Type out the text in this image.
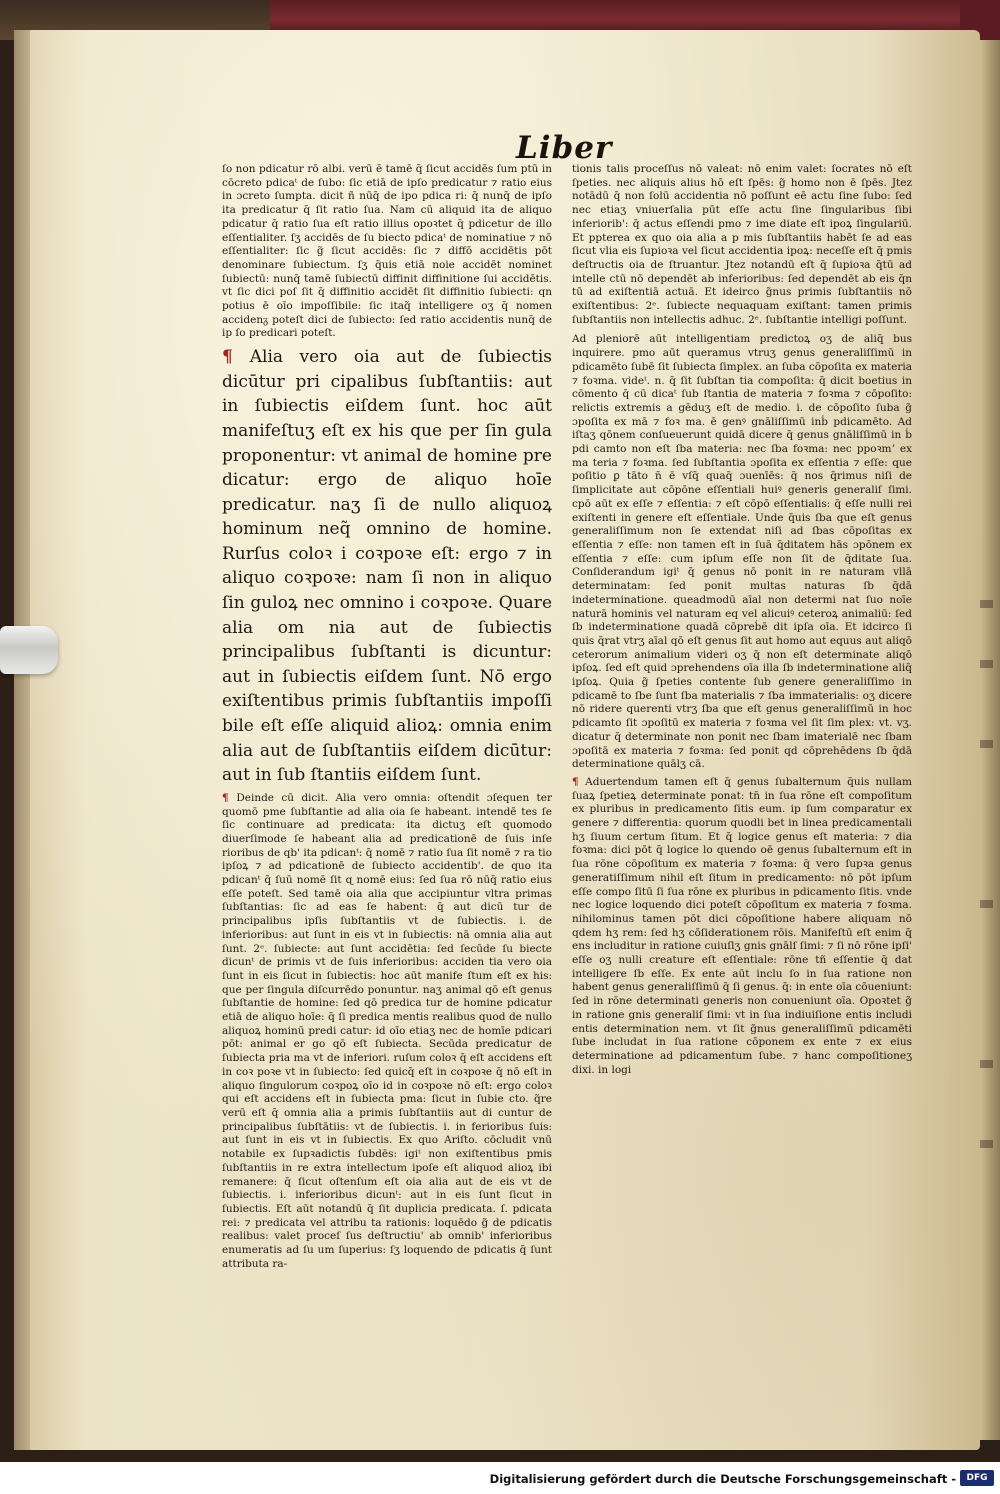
Liber

ſo non pdicatur rō albi. verū ē tamē q̄ ſicut accidēs ſum ptū in cōcreto pdicaᵗ de ſubo: ſic etiā de ipſo predicatur ⁊ ratio eius in ɔcreto ſumpta. dicit ñ nūq̄ de ipo pdica ri: q̄ nunq̄ de ipſo ita predicatur q̄ ſit ratio ſua. Nam cū aliquid ita de aliquo pdicatur q̄ ratio ſua eſt ratio illius opoꝛtet q̄ pdicetur de illo eſſentialiter. ſʒ accidēs de ſu biecto pdicaᵗ de nominatiue ⁊ nō eſſentialiter: ſic g̃ ſicut accidēs: ſic ⁊ diffō accidētis pōt denominare ſubiectum. ſʒ q̄uis etiā noie accidēt nominet ſubiectū: nunq̄ tamē ſubiectū diffinit diffinitione ſui accidētis. vt ſic dici poſ ſit q̄ diffinitio accidēt ſit diffinitio ſubiecti: qn potius ē oīo impoſſibile: ſic itaq̃ intelligere oʒ q̄ nomen accidenᵹ poteſt dici de ſubiecto: ſed ratio accidentis nunq̄ de ip ſo predicari poteſt.

¶ Alia vero oia aut de ſubiectis dicūtur pri cipalibus ſubſtantiis: aut in ſubiectis eiſdem ſunt. hoc aūt manifeſtuʒ eſt ex his que per ſin gula proponentur: vt animal de homine pre dicatur: ergo de aliquo hoīe predicatur. naʒ ſi de nullo aliquoꝝ hominum neq̃ omnino de homine. Rurſus coloꝛ i coꝛpoꝛe eſt: ergo ⁊ in aliquo coꝛpoꝛe: nam ſi non in aliquo ſin guloꝝ nec omnino i coꝛpoꝛe. Quare alia om nia aut de ſubiectis principalibus ſubſtanti is dicuntur: aut in ſubiectis eiſdem ſunt. Nō ergo exiſtentibus primis ſubſtantiis impoſſi bile eſt eſſe aliquid alioꝝ: omnia enim alia aut de ſubſtantiis eiſdem dicūtur: aut in ſub ſtantiis eiſdem ſunt.

¶ Deinde cū dicit. Alia vero omnia: oſtendit ɔſequen ter quomō pme ſubſtantie ad alia oia ſe habeant. intendē tes ſe ſic continuare ad predicata: ita dictuʒ eſt quomodo diuerſimode ſe habeant alia ad predicationē de ſuis inſe rioribus de qb' ita pdicanᵗ: q̄ nomē ⁊ ratio ſua ſit nomē ⁊ ra tio ipſoꝝ ⁊ ad pdicationē de ſubiecto accidentib'. de quo ita pdicanᵗ q̄ ſuū nomē ſit ɋ nomē eius: ſed ſua rō nūq̄ ratio eius eſſe poteſt. Sed tamē oia alia que accipiuntur vltra primas ſubſtantias: ſic ad eas ſe habent: q̄ aut dicū tur de principalibus ipſis ſubſtantiis vt de ſubiectis. i. de inferioribus: aut ſunt in eis vt in ſubiectis: nā omnia alia aut ſunt. 2ᵉ. ſubiecte: aut ſunt accidētia: ſed ſecūde ſu biecte dicunᵗ de primis vt de ſuis inferioribus: acciden tia vero oia ſunt in eis ſicut in ſubiectis: hoc aūt manife ſtum eſt ex his: que per ſingula diſcurrēdo ponuntur. naʒ animal qō eſt genus ſubſtantie de homine: ſed qō predica tur de homine pdicatur etiā de aliquo hoīe: q̄ ſi predica mentis realibus quod de nullo aliquoꝝ hominū predi catur: id oīo etiaʒ nec de homīe pdicari pōt: animal er go qō eſt ſubiecta. Secūda predicatur de ſubiecta pria ma vt de inferiori. ruſum coloꝛ q̄ eſt accidens eſt in coꝛ poꝛe vt in ſubiecto: ſed quicq̄ eſt in coꝛpoꝛe q̄ nō eſt in aliquo ſingulorum coꝛpoꝝ oīo id in coꝛpoꝛe nō eſt: ergo coloꝛ qui eſt accidens eſt in ſubiecta pma: ſicut in ſubie cto. q̃re verū eſt q̄ omnia alia a primis ſubſtantiis aut di cuntur de principalibus ſubſtātiis: vt de ſubiectis. i. in ferioribus ſuis: aut ſunt in eis vt in ſubiectis. Ex quo Ariſto. cōcludit vnū notabile ex ſupꝛadictis ſubdēs: igiᵗ non exiſtentibus pmis ſubſtantiis in re extra intellectum ipoſe eſt aliquod alioꝝ ibi remanere: q̄ ſicut oſtenſum eſt oia alia aut de eis vt de ſubiectis. i. inferioribus dicunᵗ: aut in eis ſunt ſicut in ſubiectis. Eſt aūt notandū q̄ ſit duplicia predicata. ſ. pdicata rei: ⁊ predicata vel attribu ta rationis: loquēdo g̃ de pdicatis realibus: valet proceſ ſus deſtructiu' ab omnib' inferioribus enumeratis ad ſu um ſuperius: ſʒ loquendo de pdicatis q̄ ſunt attributa ra-

tionis talis proceſſus nō valeat: nō enim valet: ſocrates nō eſt ſpeties. nec aliquis alius hō eſt ſpēs: g̃ homo non ē ſpēs. Jtez notādū q̄ non ſolū accidentia nō poſſunt eē actu ſine ſubo: ſed nec etiaʒ vniuerſalia pūt eſſe actu ſine ſingularibus ſibi inferiorib': q̄ actus eſſendi pmo ⁊ ime diate eſt ipoꝝ ſingulariū. Et pptereа ex quo oia alia a p mis ſubſtantiis habēt ſe ad eas ſicut vlia eis ſupioꝛa vel ſicut accidentia ipoꝝ: neceſſe eſt q̄ pmis deſtructis oia de ſtruantur. Jtez notandū eſt q̄ ſupioꝛa q̄tū ad intelle ctū nō dependēt ab inferioribus: ſed dependēt ab eis q̄n tū ad exiſtentiā actuā. Et ideirco g̃nus primis ſubſtantiis nō exiſtentibus: 2ᵉ. ſubiecte nequaquam exiſtant: tamen primis ſubſtantiis non intellectis adhuc. 2ᵉ. ſubſtantie intelligi poſſunt.

Ad pleniorē aūt intelligentiam predictoꝝ oʒ de aliq̄ bus inquirere. pmo aūt queramus vtruʒ genus generaliſſimū in pdicamēto ſubē ſit ſubiecta ſimplex. an ſuba cōpoſita ex materia ⁊ foꝛma. videᵗ. n. q̄ ſit ſubſtan tia compoſita: q̄ dicit boetius in cōmento q̄ cū dicaᵗ ſub ſtantia de materia ⁊ foꝛma ⁊ cōpoſito: relictis extremis a gēduʒ eſt de medio. i. de cōpoſito ſuba g̃ ɔpoſita ex mā ⁊ foꝛ ma. ē genꝰ gnāliſſimū inḃ pdicamēto. Ad iſtaʒ qōnem conſueuerunt quidā dicere q̄ genus gnāliſſimū in ḃ pdi camto non eſt ſba materia: nec ſba foꝛma: nec ppoꝛmʼ ex ma teria ⁊ foꝛma. ſed ſubſtantia ɔpoſita ex eſſentia ⁊ eſſe: que poſitio ꝑ tāto n̄ ē vſq̄ quaq̄ ɔuenīēs: q̄ nos q̄rimus niſi de ſimplicitate aut cōpōne eſſentiali huiꝰ generis generaliſ ſimi. cpō aūt ex eſſe ⁊ eſſentia: ⁊ eſt cōpō eſſentialis: q̄ eſſe nulli rei exiſtenti in genere eſt eſſentiale. Unde q̄uis ſba que eſt genus generaliſſimum non ſe extendat niſi ad ſbas cōpoſitas ex eſſentia ⁊ eſſe: non tamen eſt in ſuā q̄ditatem hās ɔpōnem ex eſſentia ⁊ eſſe: cum ipſum eſſe non ſit de q̄ditate ſua. Conſiderandum igiᵗ q̄ genus nō ponit in re naturam vllā determinatam: ſed ponit multas naturas ſb q̄dā indeterminatione. queadmodū aīal non determi nat ſuo noīe naturā hominis vel naturam eq vel alicuiꝰ ceteroꝝ animaliū: ſed ſb indeterminatione quadā cōpreḃē dit ipſa oīa. Et idcirco ſi quis q̄rat vtrʒ aīal qō eſt genus ſit aut homo aut equus aut aliqō ceterorum animalium videri oʒ q̄ non eſt determinate aliqō ipſoꝝ. ſed eſt quid ɔprehendens oīa illa ſb indeterminatione aliq̄ ipſoꝝ. Quia g̃ ſpeties contente ſub genere generaliſſimo in pdicamē to ſbe ſunt ſba materialis ⁊ ſba immaterialis: oʒ dicere nō ridere querenti vtrʒ ſba que eſt genus generaliſſimū in hoc pdicamto ſit ɔpoſitū ex materia ⁊ foꝛma vel ſit ſim plex: vt. vʒ. dicatur q̄ determinate non ponit nec ſbam imaterialē nec ſbam ɔpoſitā ex materia ⁊ foꝛma: ſed ponit qd cōprehēdens ſb q̄dā determinatione quālʒ cā.

¶ Aduertendum tamen eſt q̄ genus ſubalternum q̄uis nullam ſuaꝝ ſpetieꝝ determinate ponat: tn̄ in ſua rōne eſt compoſitum ex pluribus in predicamento ſitis eum. ip ſum comparatur ex genere ⁊ differentia: quorum quodli bet in linea predicamentali hʒ ſiuum certum ſitum. Et q̄ logice genus eſt materia: ⁊ dia foꝛma: dici pōt q̄ logice lo quendo oē genus ſubalternum eſt in ſua rōne cōpoſitum ex materia ⁊ foꝛma: q̄ vero ſupꝛa genus generatiſſimum nihil eſt ſitum in predicamento: nō pōt ipſum eſſe compo ſitū ſi ſua rōne ex pluribus in pdicamento ſitis. vnde nec logice loquendo dici poteſt cōpoſitum ex materia ⁊ foꝛma. nihilominus tamen pōt dici cōpoſitione habere aliquam nō qdem hʒ rem: ſed hʒ cōſiderationem rōis. Manifeſtū eſt enim q̄ ens includitur in ratione cuiuſlʒ gnis gnālſ ſimi: ⁊ ſi nō rōne ipſi' eſſe oʒ nulli creature eſt eſſentiale: rōne tñ eſſentie q̄ dat intelligere ſb eſſe. Ex ente aūt inclu ſo in ſua ratione non habent genus generaliſſimū q̄ ſi genus. q̄: in ente oīa cōueniunt: ſed in rōne determinati generis non conueniunt oīa. Opoꝛtet g̃ in ratione gnis generaliſ ſimi: vt in ſua indiuiſione entis includi entis determination nem. vt ſit g̃nus generaliſſimū pdicamēti ſube includat in ſua ratione cōponem ex ente ⁊ ex eius determinatione ad pdicamentum ſube. ⁊ hanc compoſitioneʒ dixi. in logi

Digitalisierung gefördert durch die Deutsche Forschungsgemeinschaft -	DFG
